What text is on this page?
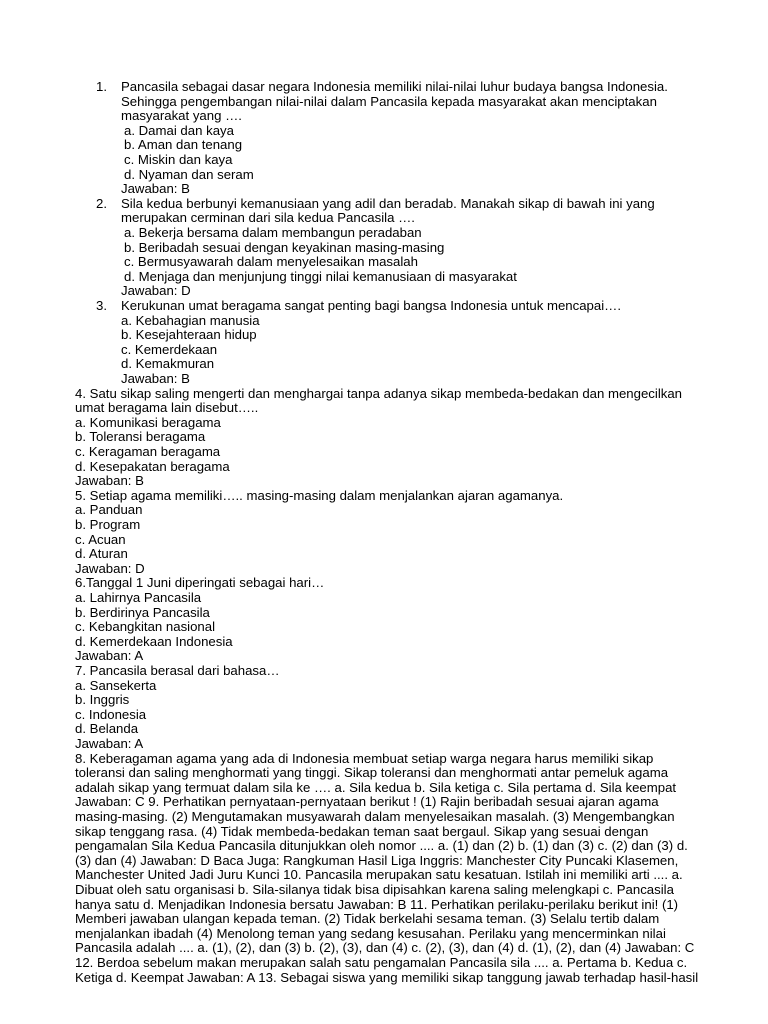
1. Pancasila sebagai dasar negara Indonesia memiliki nilai-nilai luhur budaya bangsa Indonesia.
Sehingga pengembangan nilai-nilai dalam Pancasila kepada masyarakat akan menciptakan
masyarakat yang ….
a. Damai dan kaya
b. Aman dan tenang
c. Miskin dan kaya
d. Nyaman dan seram
Jawaban: B
2. Sila kedua berbunyi kemanusiaan yang adil dan beradab. Manakah sikap di bawah ini yang
merupakan cerminan dari sila kedua Pancasila ….
a. Bekerja bersama dalam membangun peradaban
b. Beribadah sesuai dengan keyakinan masing-masing
c. Bermusyawarah dalam menyelesaikan masalah
d. Menjaga dan menjunjung tinggi nilai kemanusiaan di masyarakat
Jawaban: D
3. Kerukunan umat beragama sangat penting bagi bangsa Indonesia untuk mencapai….
a. Kebahagian manusia
b. Kesejahteraan hidup
c. Kemerdekaan
d. Kemakmuran
Jawaban: B
4. Satu sikap saling mengerti dan menghargai tanpa adanya sikap membeda-bedakan dan mengecilkan
umat beragama lain disebut…..
a. Komunikasi beragama
b. Toleransi beragama
c. Keragaman beragama
d. Kesepakatan beragama
Jawaban: B
5. Setiap agama memiliki….. masing-masing dalam menjalankan ajaran agamanya.
a. Panduan
b. Program
c. Acuan
d. Aturan
Jawaban: D
6.Tanggal 1 Juni diperingati sebagai hari…
a. Lahirnya Pancasila
b. Berdirinya Pancasila
c. Kebangkitan nasional
d. Kemerdekaan Indonesia
Jawaban: A
7. Pancasila berasal dari bahasa…
a. Sansekerta
b. Inggris
c. Indonesia
d. Belanda
Jawaban: A
8. Keberagaman agama yang ada di Indonesia membuat setiap warga negara harus memiliki sikap
toleransi dan saling menghormati yang tinggi. Sikap toleransi dan menghormati antar pemeluk agama
adalah sikap yang termuat dalam sila ke …. a. Sila kedua b. Sila ketiga c. Sila pertama d. Sila keempat
Jawaban: C 9. Perhatikan pernyataan-pernyataan berikut ! (1) Rajin beribadah sesuai ajaran agama
masing-masing. (2) Mengutamakan musyawarah dalam menyelesaikan masalah. (3) Mengembangkan
sikap tenggang rasa. (4) Tidak membeda-bedakan teman saat bergaul. Sikap yang sesuai dengan
pengamalan Sila Kedua Pancasila ditunjukkan oleh nomor .... a. (1) dan (2) b. (1) dan (3) c. (2) dan (3) d.
(3) dan (4) Jawaban: D Baca Juga: Rangkuman Hasil Liga Inggris: Manchester City Puncaki Klasemen,
Manchester United Jadi Juru Kunci 10. Pancasila merupakan satu kesatuan. Istilah ini memiliki arti .... a.
Dibuat oleh satu organisasi b. Sila-silanya tidak bisa dipisahkan karena saling melengkapi c. Pancasila
hanya satu d. Menjadikan Indonesia bersatu Jawaban: B 11. Perhatikan perilaku-perilaku berikut ini! (1)
Memberi jawaban ulangan kepada teman. (2) Tidak berkelahi sesama teman. (3) Selalu tertib dalam
menjalankan ibadah (4) Menolong teman yang sedang kesusahan. Perilaku yang mencerminkan nilai
Pancasila adalah .... a. (1), (2), dan (3) b. (2), (3), dan (4) c. (2), (3), dan (4) d. (1), (2), dan (4) Jawaban: C
12. Berdoa sebelum makan merupakan salah satu pengamalan Pancasila sila .... a. Pertama b. Kedua c.
Ketiga d. Keempat Jawaban: A 13. Sebagai siswa yang memiliki sikap tanggung jawab terhadap hasil-hasil
